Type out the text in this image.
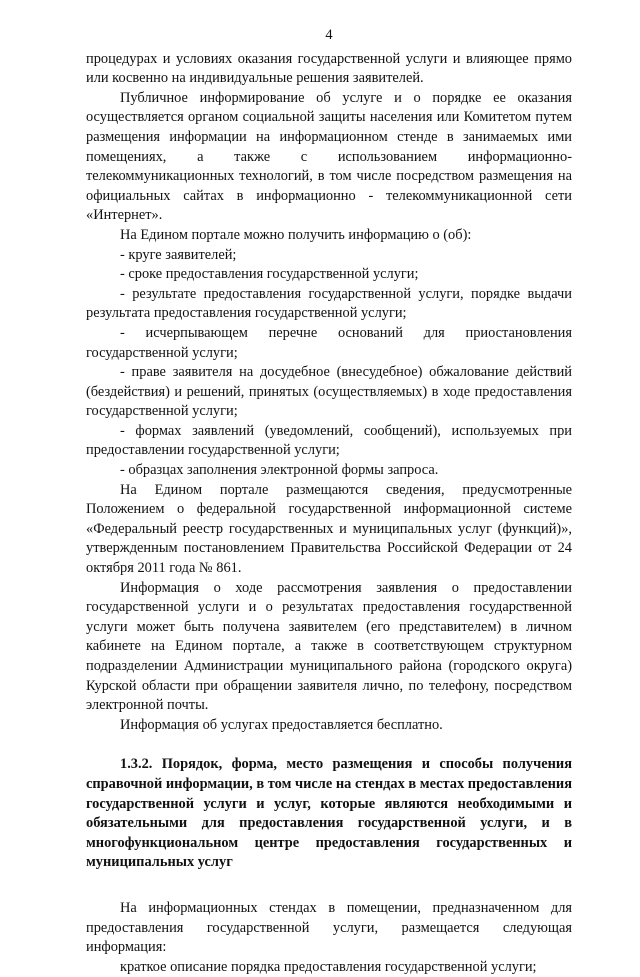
4

процедурах и условиях оказания государственной услуги и влияющее прямо или косвенно на индивидуальные решения заявителей.

Публичное информирование об услуге и о порядке ее оказания осуществляется органом социальной защиты населения или Комитетом путем размещения информации на информационном стенде в занимаемых ими помещениях, а также с использованием информационно-телекоммуникационных технологий, в том числе посредством размещения на официальных сайтах в информационно - телекоммуникационной сети «Интернет».

На Едином портале можно получить информацию о (об):

- круге заявителей;

- сроке предоставления государственной услуги;

- результате предоставления государственной услуги, порядке выдачи результата предоставления государственной услуги;

- исчерпывающем перечне оснований для приостановления государственной услуги;

- праве заявителя на досудебное (внесудебное) обжалование действий (бездействия) и решений, принятых (осуществляемых) в ходе предоставления государственной услуги;

- формах заявлений (уведомлений, сообщений), используемых при предоставлении государственной услуги;

- образцах заполнения электронной формы запроса.

На Едином портале размещаются сведения, предусмотренные Положением о федеральной государственной информационной системе «Федеральный реестр государственных и муниципальных услуг (функций)», утвержденным постановлением Правительства Российской Федерации от 24 октября 2011 года № 861.

Информация о ходе рассмотрения заявления о предоставлении государственной услуги и о результатах предоставления государственной услуги может быть получена заявителем (его представителем) в личном кабинете на Едином портале, а также в соответствующем структурном подразделении Администрации муниципального района (городского округа) Курской области при обращении заявителя лично, по телефону, посредством электронной почты.

Информация об услугах предоставляется бесплатно.

1.3.2. Порядок, форма, место размещения и способы получения справочной информации, в том числе на стендах в местах предоставления государственной услуги и услуг, которые являются необходимыми и обязательными для предоставления государственной услуги, и в многофункциональном центре предоставления государственных и муниципальных услуг

На информационных стендах в помещении, предназначенном для предоставления государственной услуги, размещается следующая информация:

краткое описание порядка предоставления государственной услуги;
